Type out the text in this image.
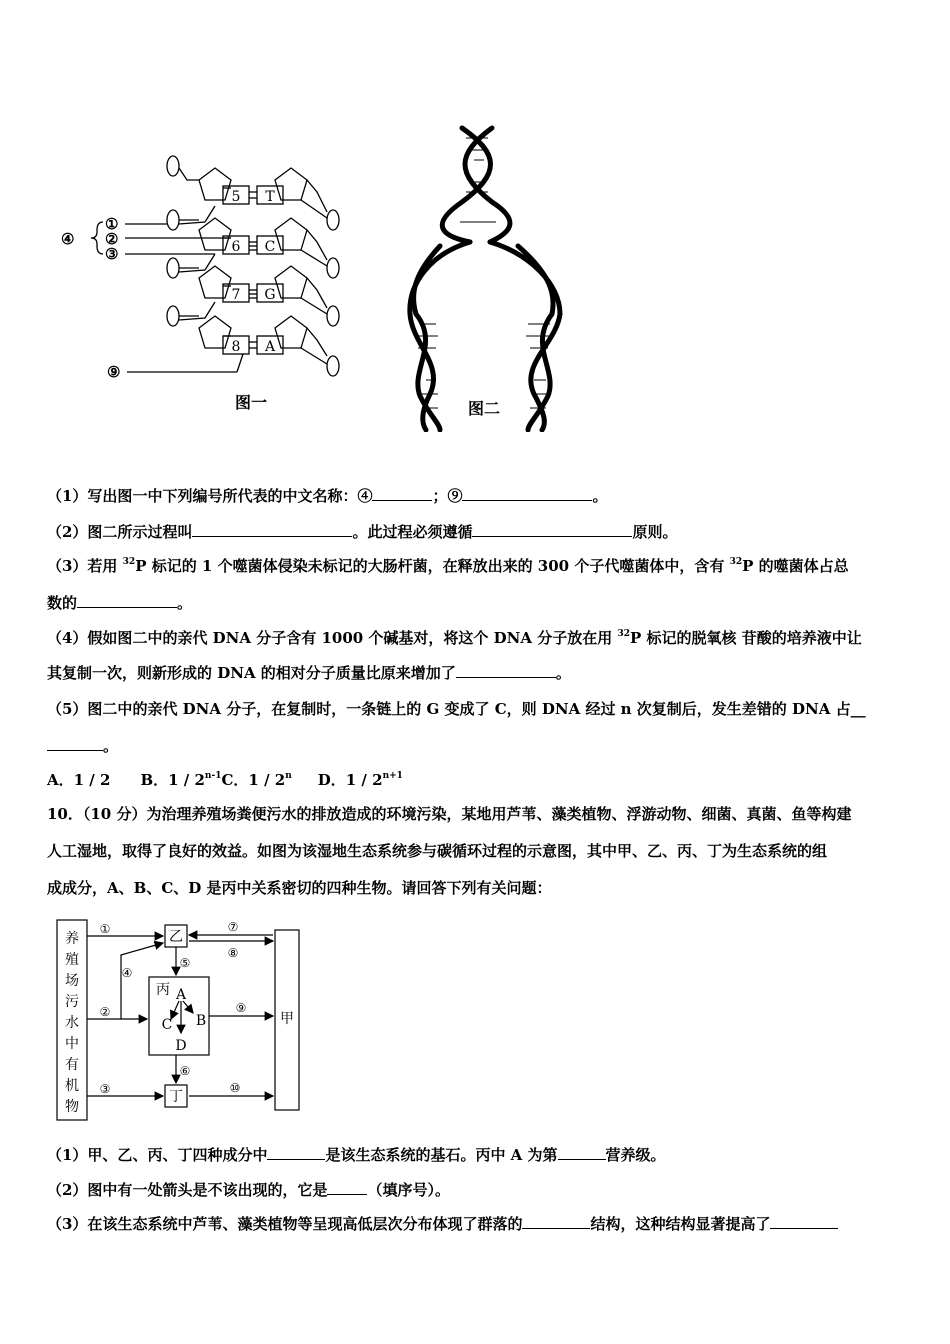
5 T
6 C
7 G
8 A
④
①
②
③
⑨
图一	图二
（1）写出图一中下列编号所代表的中文名称：④	；⑨	。
（2）图二所示过程叫	。此过程必须遵循	原则。
（3）若用 $^{32}$P 标记的 1 个噬菌体侵染未标记的大肠杆菌，在释放出来的 300 个子代噬菌体中，含有 $^{32}$P 的噬菌体占总
数的	。
（4）假如图二中的亲代 DNA 分子含有 1000 个碱基对，将这个 DNA 分子放在用 $^{32}$P 标记的脱氧核 苷酸的培养液中让
其复制一次，则新形成的 DNA 的相对分子质量比原来增加了	。
（5）图二中的亲代 DNA 分子，在复制时，一条链上的 G 变成了 C，则 DNA 经过 n 次复制后，发生差错的 DNA 占__
。
A．1 / 2 B．1 / 2$^{n-1}$C．1 / 2$^n$ D．$1 / 2^{n+1}$
10．（10 分）为治理养殖场粪便污水的排放造成的环境污染，某地用芦苇、藻类植物、浮游动物、细菌、真菌、鱼等构建
人工湿地，取得了良好的效益。如图为该湿地生态系统参与碳循环过程的示意图，其中甲、乙、丙、丁为生态系统的组
成成分，A、B、C、D 是丙中关系密切的四种生物。请回答下列有关问题：
养
殖
场
污
水
中
有
机
物
乙
丙
丁
甲
A
B
C
D
①
②
③
④
⑤
⑥
⑦
⑧
⑨
⑩
（1）甲、乙、丙、丁四种成分中	是该生态系统的基石。丙中 A 为第	营养级。
（2）图中有一处箭头是不该出现的，它是	（填序号）。
（3）在该生态系统中芦苇、藻类植物等呈现高低层次分布体现了群落的	结构，这种结构显著提高了
